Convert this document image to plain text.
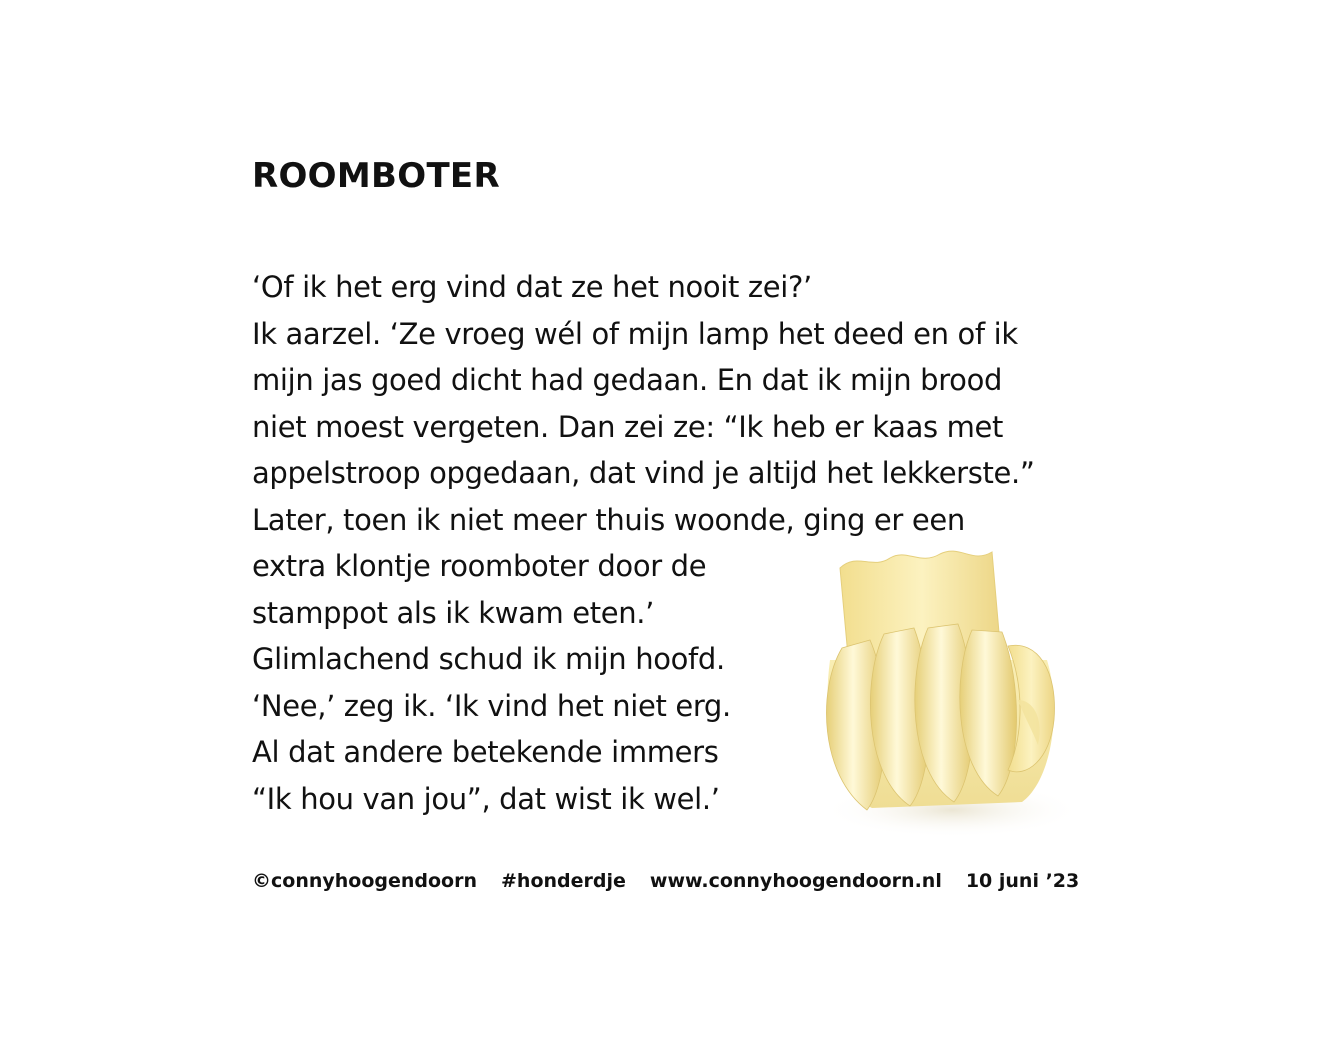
ROOMBOTER
‘Of ik het erg vind dat ze het nooit zei?’
Ik aarzel. ‘Ze vroeg wél of mijn lamp het deed en of ik
mijn jas goed dicht had gedaan. En dat ik mijn brood
niet moest vergeten. Dan zei ze: “Ik heb er kaas met
appelstroop opgedaan, dat vind je altijd het lekkerste.”
Later, toen ik niet meer thuis woonde, ging er een
extra klontje roomboter door de
stamppot als ik kwam eten.’
Glimlachend schud ik mijn hoofd.
‘Nee,’ zeg ik. ‘Ik vind het niet erg.
Al dat andere betekende immers
“Ik hou van jou”, dat wist ik wel.’
©connyhoogendoorn #honderdje www.connyhoogendoorn.nl 10 juni ’23
